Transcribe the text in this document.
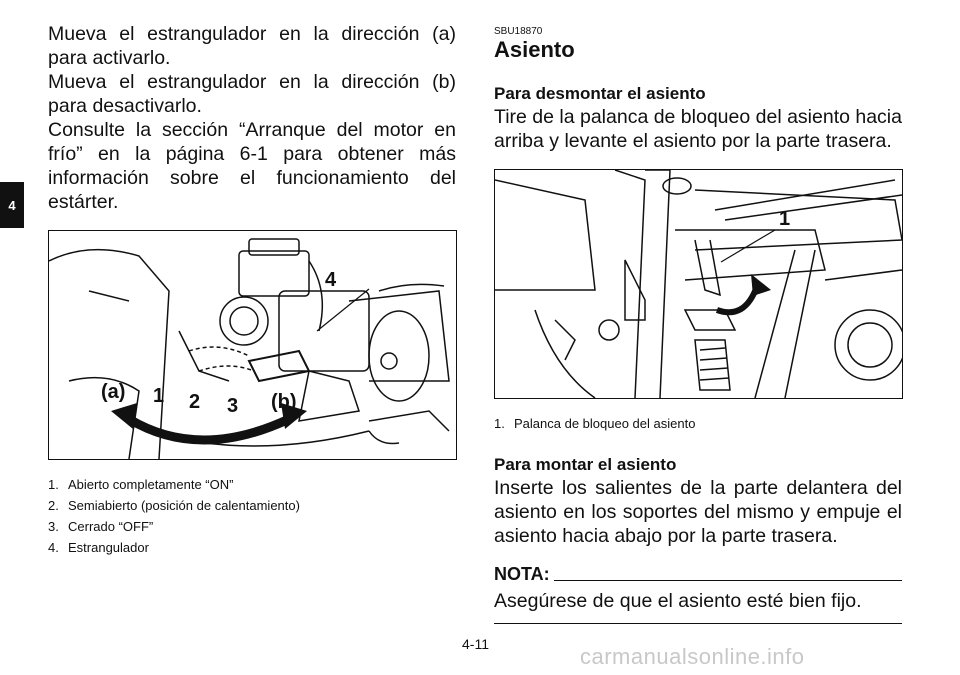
4

Mueva el estrangulador en la dirección (a) para activarlo.

Mueva el estrangulador en la dirección (b) para desactivarlo.

Consulte la sección “Arranque del motor en frío” en la página 6-1 para obtener más información sobre el funcionamiento del estárter.

(a) 1 2 3 (b)
4
1. Abierto completamente “ON”
2. Semiabierto (posición de calentamiento)
3. Cerrado “OFF”
4. Estrangulador
SBU18870
Asiento
Para desmontar el asiento

Tire de la palanca de bloqueo del asiento hacia arriba y levante el asiento por la parte trasera.

1
1. Palanca de bloqueo del asiento
Para montar el asiento

Inserte los salientes de la parte delantera del asiento en los soportes del mismo y empuje el asiento hacia abajo por la parte trasera.

NOTA:

Asegúrese de que el asiento esté bien fijo.

4-11	carmanualsonline.info
